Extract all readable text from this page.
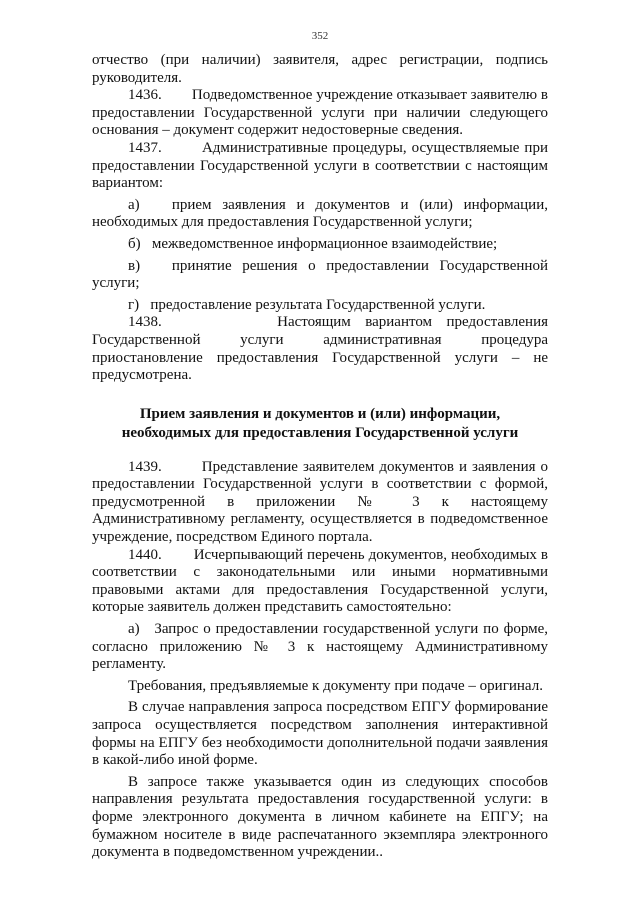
352

отчество (при наличии) заявителя, адрес регистрации, подпись руководителя.

1436.        Подведомственное учреждение отказывает заявителю в предоставлении Государственной услуги при наличии следующего основания – документ содержит недостоверные сведения.

1437.        Административные процедуры, осуществляемые при предоставлении Государственной услуги в соответствии с настоящим вариантом:

а)   прием заявления и документов и (или) информации, необходимых для предоставления Государственной услуги;

б)   межведомственное информационное взаимодействие;

в)   принятие решения о предоставлении Государственной услуги;

г)   предоставление результата Государственной услуги.

1438.        Настоящим вариантом предоставления Государственной услуги административная процедура приостановление предоставления Государственной услуги – не предусмотрена.

Прием заявления и документов и (или) информации,
необходимых для предоставления Государственной услуги

1439.        Представление заявителем документов и заявления о предоставлении Государственной услуги в соответствии с формой, предусмотренной в приложении № 3 к настоящему Административному регламенту, осуществляется в подведомственное учреждение, посредством Единого портала.

1440.        Исчерпывающий перечень документов, необходимых в соответствии с законодательными или иными нормативными правовыми актами для предоставления Государственной услуги, которые заявитель должен представить самостоятельно:

а)   Запрос о предоставлении государственной услуги по форме, согласно приложению № 3 к настоящему Административному регламенту.

Требования, предъявляемые к документу при подаче – оригинал.

В случае направления запроса посредством ЕПГУ формирование запроса осуществляется посредством заполнения интерактивной формы на ЕПГУ без необходимости дополнительной подачи заявления в какой-либо иной форме.

В запросе также указывается один из следующих способов направления результата предоставления государственной услуги: в форме электронного документа в личном кабинете на ЕПГУ; на бумажном носителе в виде распечатанного экземпляра электронного документа в подведомственном учреждении..
